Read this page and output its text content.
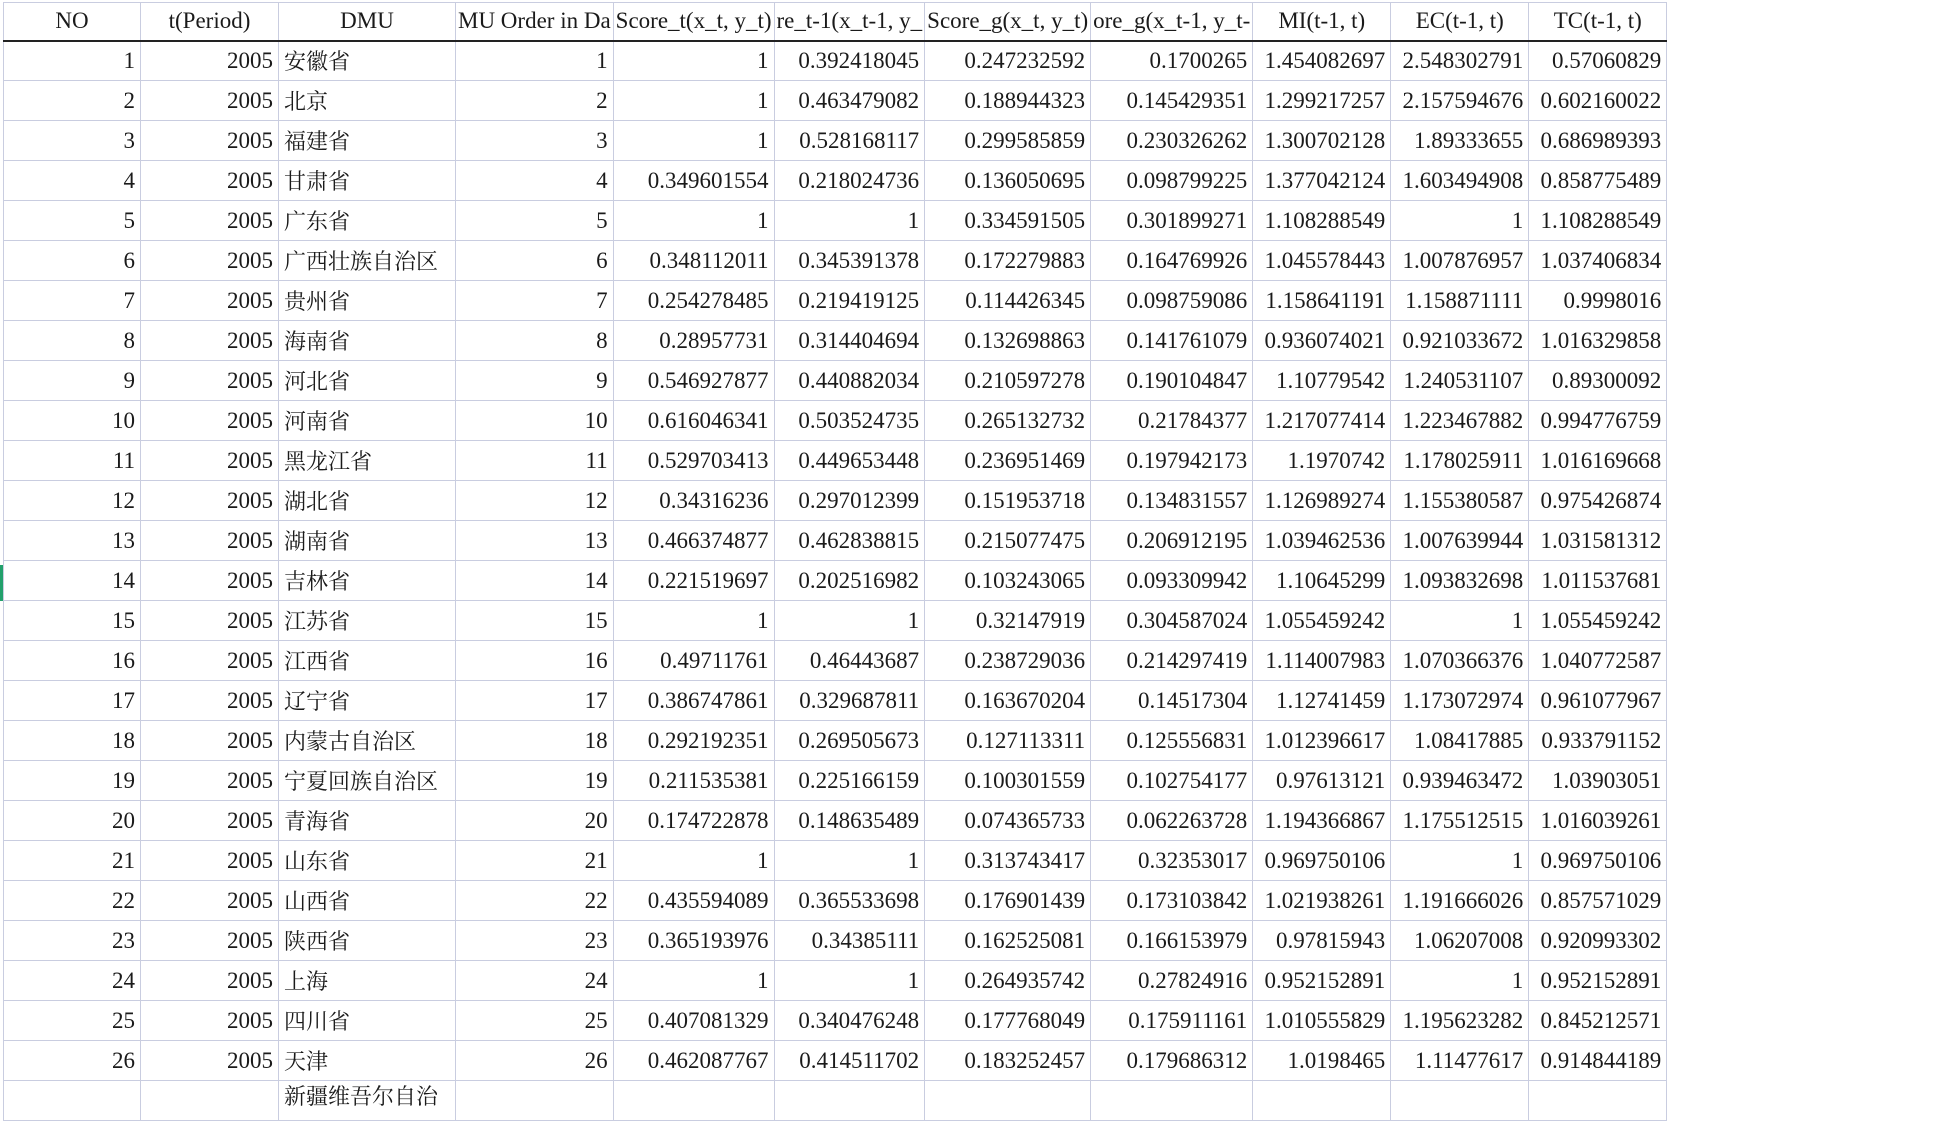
NO	t(Period)	DMU	MU Order in Da	Score_t(x_t, y_t)	re_t-1(x_t-1, y_	Score_g(x_t, y_t)	ore_g(x_t-1, y_t-	MI(t-1, t)	EC(t-1, t)	TC(t-1, t)
1	2005	安徽省	1	1	0.392418045	0.247232592	0.1700265	1.454082697	2.548302791	0.57060829
2	2005	北京	2	1	0.463479082	0.188944323	0.145429351	1.299217257	2.157594676	0.602160022
3	2005	福建省	3	1	0.528168117	0.299585859	0.230326262	1.300702128	1.89333655	0.686989393
4	2005	甘肃省	4	0.349601554	0.218024736	0.136050695	0.098799225	1.377042124	1.603494908	0.858775489
5	2005	广东省	5	1	1	0.334591505	0.301899271	1.108288549	1	1.108288549
6	2005	广西壮族自治区	6	0.348112011	0.345391378	0.172279883	0.164769926	1.045578443	1.007876957	1.037406834
7	2005	贵州省	7	0.254278485	0.219419125	0.114426345	0.098759086	1.158641191	1.158871111	0.9998016
8	2005	海南省	8	0.28957731	0.314404694	0.132698863	0.141761079	0.936074021	0.921033672	1.016329858
9	2005	河北省	9	0.546927877	0.440882034	0.210597278	0.190104847	1.10779542	1.240531107	0.89300092
10	2005	河南省	10	0.616046341	0.503524735	0.265132732	0.21784377	1.217077414	1.223467882	0.994776759
11	2005	黑龙江省	11	0.529703413	0.449653448	0.236951469	0.197942173	1.1970742	1.178025911	1.016169668
12	2005	湖北省	12	0.34316236	0.297012399	0.151953718	0.134831557	1.126989274	1.155380587	0.975426874
13	2005	湖南省	13	0.466374877	0.462838815	0.215077475	0.206912195	1.039462536	1.007639944	1.031581312
14	2005	吉林省	14	0.221519697	0.202516982	0.103243065	0.093309942	1.10645299	1.093832698	1.011537681
15	2005	江苏省	15	1	1	0.32147919	0.304587024	1.055459242	1	1.055459242
16	2005	江西省	16	0.49711761	0.46443687	0.238729036	0.214297419	1.114007983	1.070366376	1.040772587
17	2005	辽宁省	17	0.386747861	0.329687811	0.163670204	0.14517304	1.12741459	1.173072974	0.961077967
18	2005	内蒙古自治区	18	0.292192351	0.269505673	0.127113311	0.125556831	1.012396617	1.08417885	0.933791152
19	2005	宁夏回族自治区	19	0.211535381	0.225166159	0.100301559	0.102754177	0.97613121	0.939463472	1.03903051
20	2005	青海省	20	0.174722878	0.148635489	0.074365733	0.062263728	1.194366867	1.175512515	1.016039261
21	2005	山东省	21	1	1	0.313743417	0.32353017	0.969750106	1	0.969750106
22	2005	山西省	22	0.435594089	0.365533698	0.176901439	0.173103842	1.021938261	1.191666026	0.857571029
23	2005	陕西省	23	0.365193976	0.34385111	0.162525081	0.166153979	0.97815943	1.06207008	0.920993302
24	2005	上海	24	1	1	0.264935742	0.27824916	0.952152891	1	0.952152891
25	2005	四川省	25	0.407081329	0.340476248	0.177768049	0.175911161	1.010555829	1.195623282	0.845212571
26	2005	天津	26	0.462087767	0.414511702	0.183252457	0.179686312	1.0198465	1.11477617	0.914844189
		新疆维吾尔自治								
